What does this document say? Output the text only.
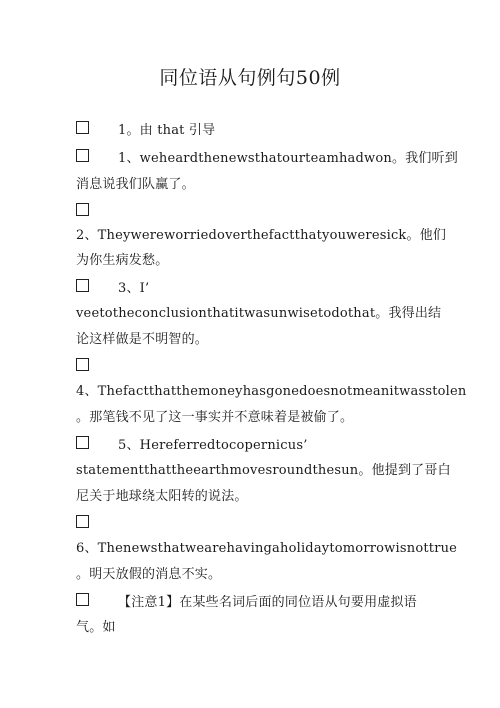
同位语从句例句50例
1。由 that 引导
1、weheardthenewsthatourteamhadwon。我们听到
消息说我们队赢了。
2、Theywereworriedoverthefactthatyouweresick。他们
为你生病发愁。
3、I’
veetotheconclusionthatitwasunwisetodothat。我得出结
论这样做是不明智的。
4、Thefactthatthemoneyhasgonedoesnotmeanitwasstolen
。那笔钱不见了这一事实并不意味着是被偷了。
5、Hereferredtocopernicus’
statementthattheearthmovesroundthesun。他提到了哥白
尼关于地球绕太阳转的说法。
6、Thenewsthatwearehavingaholidaytomorrowisnottrue
。明天放假的消息不实。
【注意1】在某些名词后面的同位语从句要用虚拟语
气。如
